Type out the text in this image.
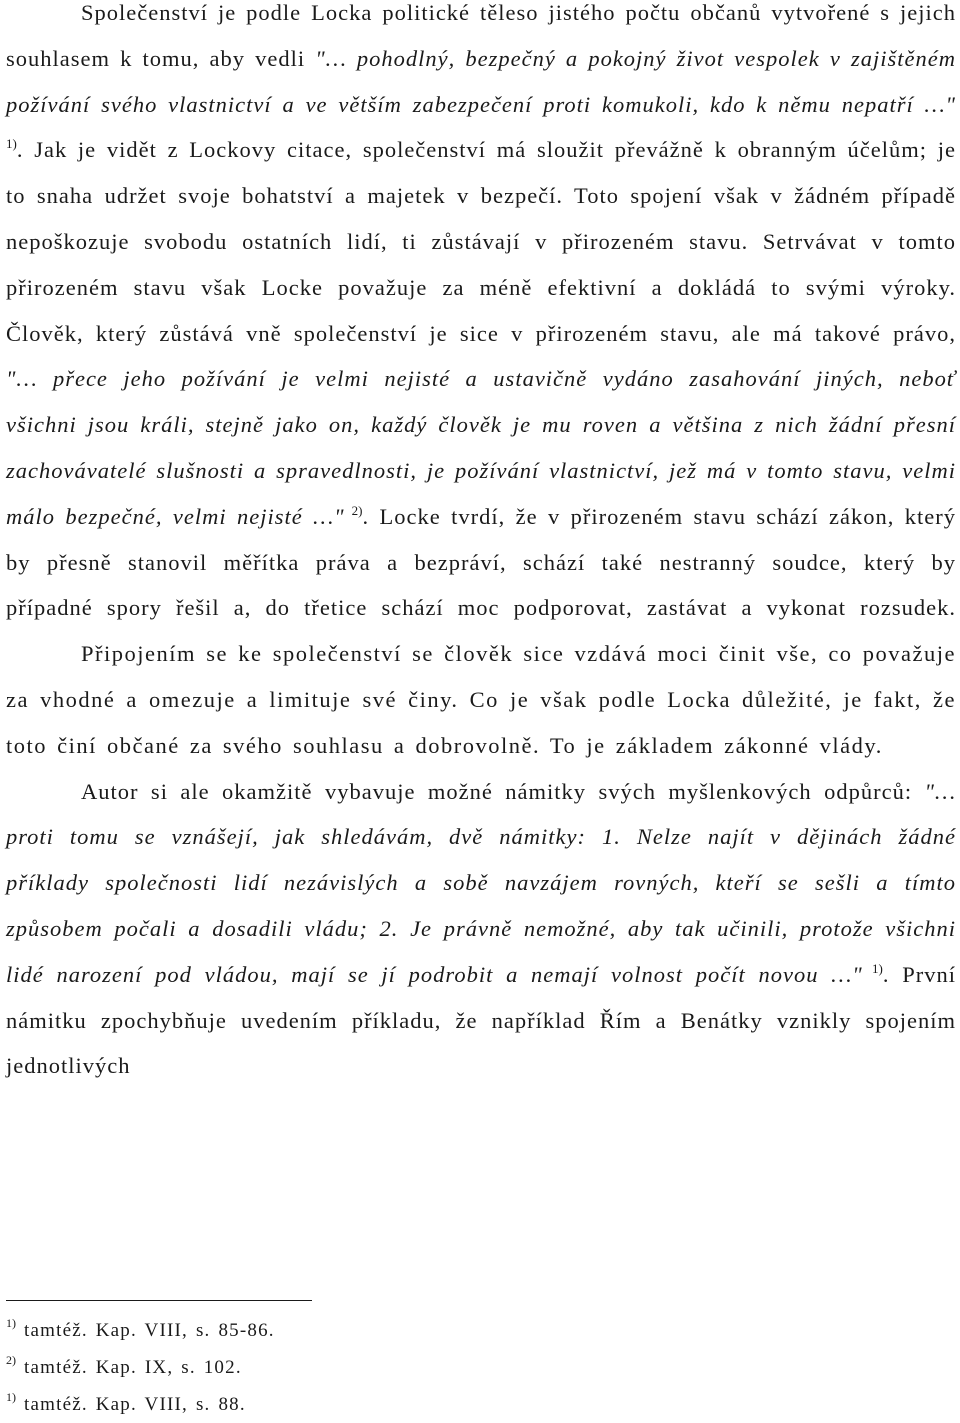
Společenství je podle Locka politické těleso jistého počtu občanů vytvořené s jejich souhlasem k tomu, aby vedli "… pohodlný, bezpečný a pokojný život vespolek v zajištěném požívání svého vlastnictví a ve větším zabezpečení proti komukoli, kdo k němu nepatří …" $^{1)}$. Jak je vidět z Lockovy citace, společenství má sloužit převážně k obranným účelům; je to snaha udržet svoje bohatství a majetek v bezpečí. Toto spojení však v žádném případě nepoškozuje svobodu ostatních lidí, ti zůstávají v přirozeném stavu. Setrvávat v tomto přirozeném stavu však Locke považuje za méně efektivní a dokládá to svými výroky. Člověk, který zůstává vně společenství je sice v přirozeném stavu, ale má takové právo, "… přece jeho požívání je velmi nejisté a ustavičně vydáno zasahování jiných, neboť všichni jsou králi, stejně jako on, každý člověk je mu roven a většina z nich žádní přesní zachovávatelé slušnosti a spravedlnosti, je požívání vlastnictví, jež má v tomto stavu, velmi málo bezpečné, velmi nejisté …" $^{2)}$. Locke tvrdí, že v přirozeném stavu schází zákon, který by přesně stanovil měřítka práva a bezpráví, schází také nestranný soudce, který by případné spory řešil a, do třetice schází moc podporovat, zastávat a vykonat rozsudek.

Připojením se ke společenství se člověk sice vzdává moci činit vše, co považuje za vhodné a omezuje a limituje své činy. Co je však podle Locka důležité, je fakt, že toto činí občané za svého souhlasu a dobrovolně. To je základem zákonné vlády.

Autor si ale okamžitě vybavuje možné námitky svých myšlenkových odpůrců: "… proti tomu se vznášejí, jak shledávám, dvě námitky: 1. Nelze najít v dějinách žádné příklady společnosti lidí nezávislých a sobě navzájem rovných, kteří se sešli a tímto způsobem počali a dosadili vládu; 2. Je právně nemožné, aby tak učinili, protože všichni lidé narození pod vládou, mají se jí podrobit a nemají volnost počít novou …" $^{1)}$. První námitku zpochybňuje uvedením příkladu, že například Řím a Benátky vznikly spojením jednotlivých

$^{1)}$ tamtéž. Kap. VIII, s. 85-86.

$^{2)}$ tamtéž. Kap. IX, s. 102.

$^{1)}$ tamtéž. Kap. VIII, s. 88.
